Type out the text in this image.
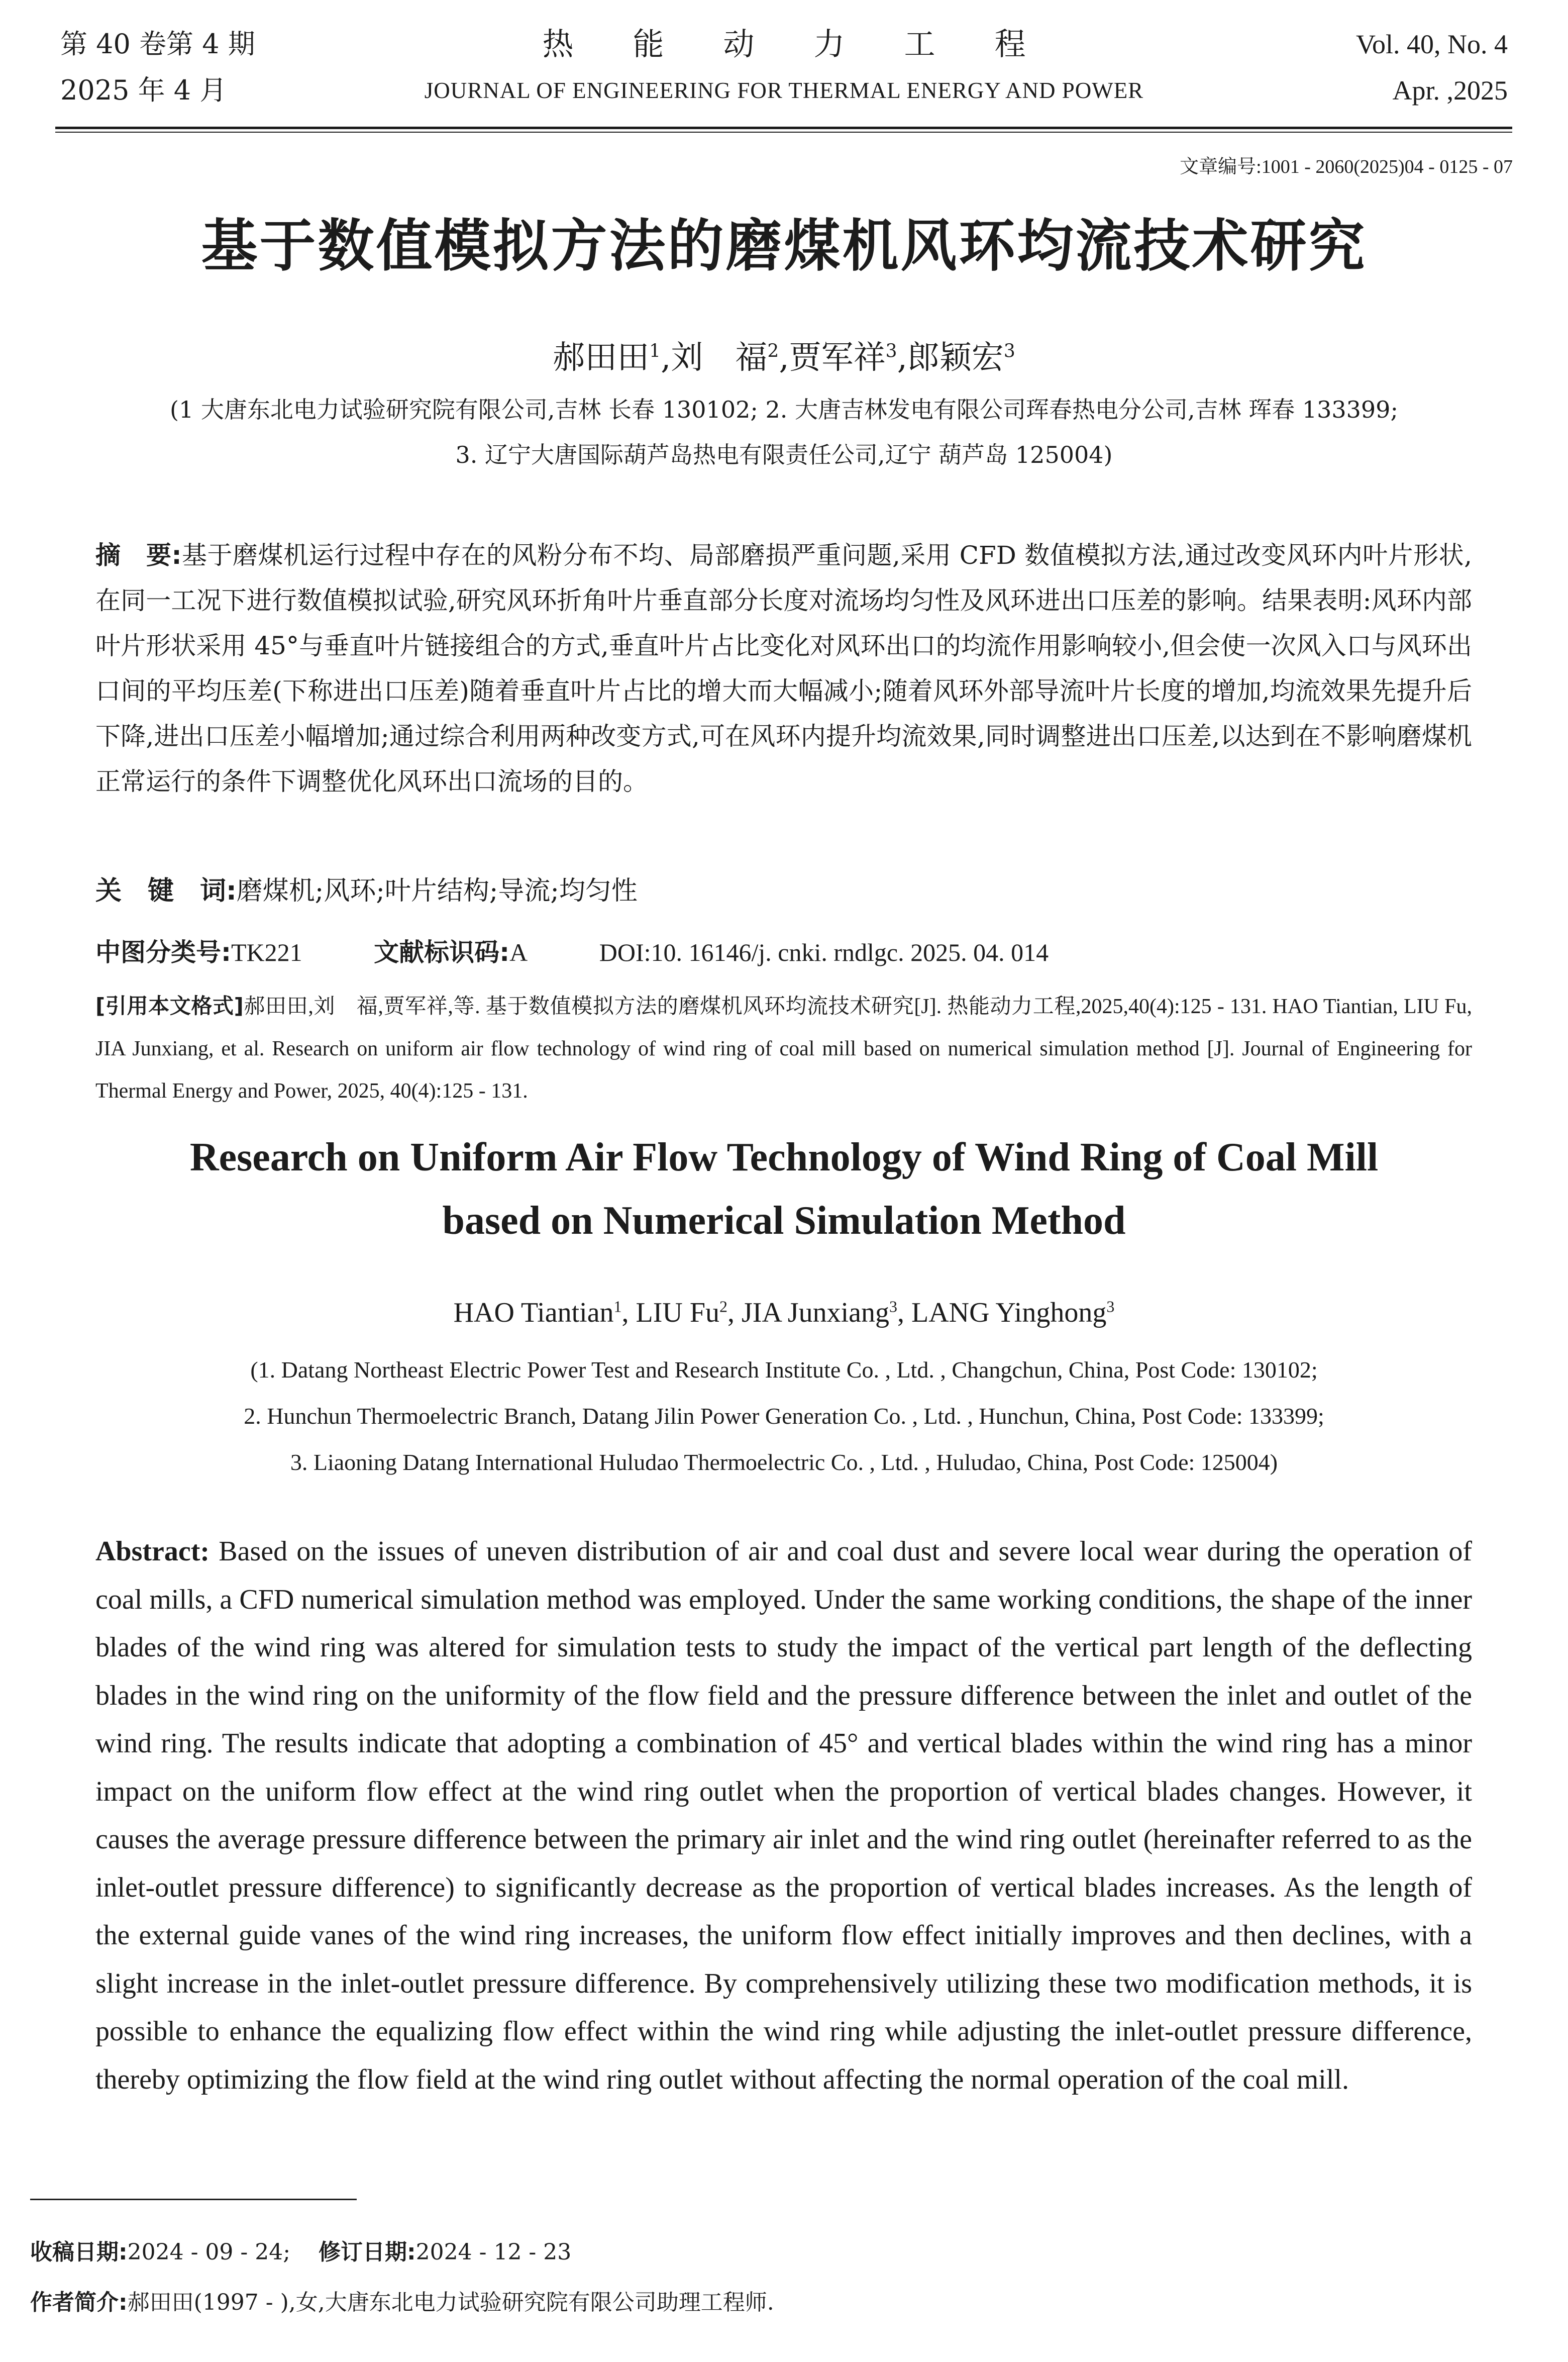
第 40 卷第 4 期
2025 年 4 月
热能动力工程
JOURNAL OF ENGINEERING FOR THERMAL ENERGY AND POWER
Vol. 40, No. 4
Apr. ,2025
文章编号:1001 - 2060(2025)04 - 0125 - 07
基于数值模拟方法的磨煤机风环均流技术研究
郝田田$^1$,刘　福$^2$,贾军祥$^3$,郎颖宏$^3$
(1 大唐东北电力试验研究院有限公司,吉林 长春 130102; 2. 大唐吉林发电有限公司珲春热电分公司,吉林 珲春 133399;
3. 辽宁大唐国际葫芦岛热电有限责任公司,辽宁 葫芦岛 125004)
摘　要:基于磨煤机运行过程中存在的风粉分布不均、局部磨损严重问题,采用 CFD 数值模拟方法,通过改变风环内叶片形状,在同一工况下进行数值模拟试验,研究风环折角叶片垂直部分长度对流场均匀性及风环进出口压差的影响。结果表明:风环内部叶片形状采用 45°与垂直叶片链接组合的方式,垂直叶片占比变化对风环出口的均流作用影响较小,但会使一次风入口与风环出口间的平均压差(下称进出口压差)随着垂直叶片占比的增大而大幅减小;随着风环外部导流叶片长度的增加,均流效果先提升后下降,进出口压差小幅增加;通过综合利用两种改变方式,可在风环内提升均流效果,同时调整进出口压差,以达到在不影响磨煤机正常运行的条件下调整优化风环出口流场的目的。
关　键　词:磨煤机;风环;叶片结构;导流;均匀性
中图分类号:TK221	文献标识码:A	DOI:10. 16146/j. cnki. rndlgc. 2025. 04. 014
[引用本文格式]郝田田,刘　福,贾军祥,等. 基于数值模拟方法的磨煤机风环均流技术研究[J]. 热能动力工程,2025,40(4):125 - 131. HAO Tiantian, LIU Fu, JIA Junxiang, et al. Research on uniform air flow technology of wind ring of coal mill based on numerical simulation method [J]. Journal of Engineering for Thermal Energy and Power, 2025, 40(4):125 - 131.
Research on Uniform Air Flow Technology of Wind Ring of Coal Mill
based on Numerical Simulation Method
HAO Tiantian$^1$, LIU Fu$^2$, JIA Junxiang$^3$, LANG Yinghong$^3$
(1. Datang Northeast Electric Power Test and Research Institute Co. , Ltd. , Changchun, China, Post Code: 130102;
2. Hunchun Thermoelectric Branch, Datang Jilin Power Generation Co. , Ltd. , Hunchun, China, Post Code: 133399;
3. Liaoning Datang International Huludao Thermoelectric Co. , Ltd. , Huludao, China, Post Code: 125004)
Abstract: Based on the issues of uneven distribution of air and coal dust and severe local wear during the operation of coal mills, a CFD numerical simulation method was employed. Under the same working conditions, the shape of the inner blades of the wind ring was altered for simulation tests to study the impact of the vertical part length of the deflecting blades in the wind ring on the uniformity of the flow field and the pressure difference between the inlet and outlet of the wind ring. The results indicate that adopting a combination of 45° and vertical blades within the wind ring has a minor impact on the uniform flow effect at the wind ring outlet when the proportion of vertical blades changes. However, it causes the average pressure difference between the primary air inlet and the wind ring outlet (hereinafter referred to as the inlet-outlet pressure difference) to significantly decrease as the proportion of vertical blades increases. As the length of the external guide vanes of the wind ring increases, the uniform flow effect initially improves and then declines, with a slight increase in the inlet-outlet pressure difference. By comprehensively utilizing these two modification methods, it is possible to enhance the equalizing flow effect within the wind ring while adjusting the inlet-outlet pressure difference, thereby optimizing the flow field at the wind ring outlet without affecting the normal operation of the coal mill.
收稿日期:2024 - 09 - 24; 修订日期:2024 - 12 - 23
作者简介:郝田田(1997 - ),女,大唐东北电力试验研究院有限公司助理工程师.
